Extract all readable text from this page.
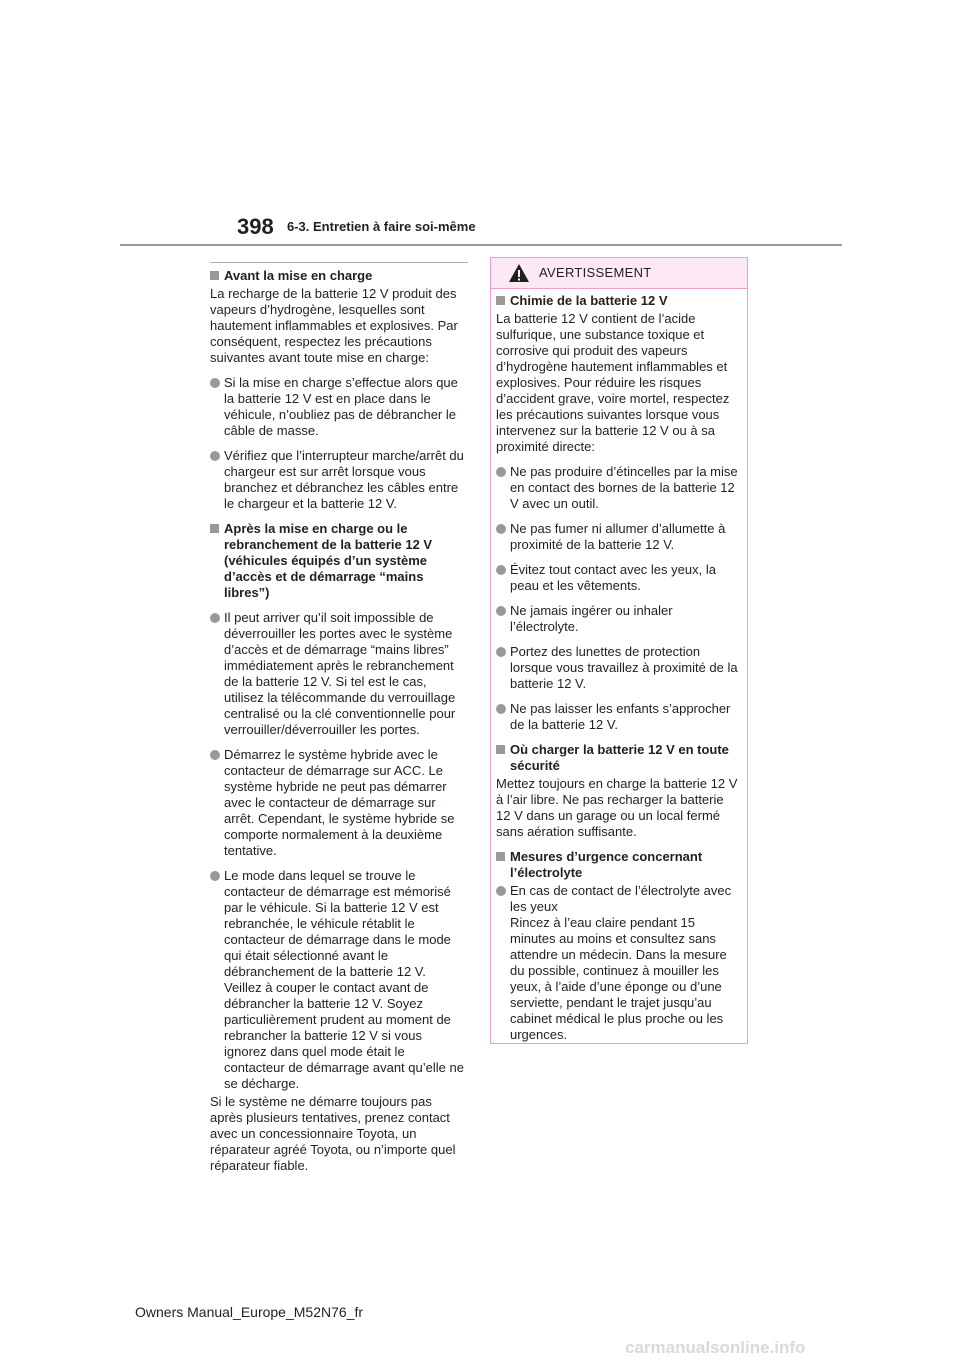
398 6-3. Entretien à faire soi-même
Avant la mise en charge

La recharge de la batterie 12 V produit des vapeurs d’hydrogène, lesquelles sont hautement inflammables et explosives. Par conséquent, respectez les précautions suivantes avant toute mise en charge:

Si la mise en charge s’effectue alors que la batterie 12 V est en place dans le véhicule, n’oubliez pas de débrancher le câble de masse.
Vérifiez que l’interrupteur marche/arrêt du chargeur est sur arrêt lorsque vous branchez et débranchez les câbles entre le chargeur et la batterie 12 V.
Après la mise en charge ou le rebranchement de la batterie 12 V (véhicules équipés d’un système d’accès et de démarrage “mains libres”)
Il peut arriver qu’il soit impossible de déverrouiller les portes avec le système d’accès et de démarrage “mains libres” immédiatement après le rebranchement de la batterie 12 V. Si tel est le cas, utilisez la télécommande du verrouillage centralisé ou la clé conventionnelle pour verrouiller/déverrouiller les portes.
Démarrez le système hybride avec le contacteur de démarrage sur ACC. Le système hybride ne peut pas démarrer avec le contacteur de démarrage sur arrêt. Cependant, le système hybride se comporte normalement à la deuxième tentative.
Le mode dans lequel se trouve le contacteur de démarrage est mémorisé par le véhicule. Si la batterie 12 V est rebranchée, le véhicule rétablit le contacteur de démarrage dans le mode qui était sélectionné avant le débranchement de la batterie 12 V. Veillez à couper le contact avant de débrancher la batterie 12 V. Soyez particulièrement prudent au moment de rebrancher la batterie 12 V si vous ignorez dans quel mode était le contacteur de démarrage avant qu’elle ne se décharge.

Si le système ne démarre toujours pas après plusieurs tentatives, prenez contact avec un concessionnaire Toyota, un réparateur agréé Toyota, ou n’importe quel réparateur fiable.

AVERTISSEMENT
Chimie de la batterie 12 V

La batterie 12 V contient de l’acide sulfurique, une substance toxique et corrosive qui produit des vapeurs d’hydrogène hautement inflammables et explosives. Pour réduire les risques d’accident grave, voire mortel, respectez les précautions suivantes lorsque vous intervenez sur la batterie 12 V ou à sa proximité directe:

Ne pas produire d’étincelles par la mise en contact des bornes de la batterie 12 V avec un outil.
Ne pas fumer ni allumer d’allumette à proximité de la batterie 12 V.
Évitez tout contact avec les yeux, la peau et les vêtements.
Ne jamais ingérer ou inhaler l’électrolyte.
Portez des lunettes de protection lorsque vous travaillez à proximité de la batterie 12 V.
Ne pas laisser les enfants s’approcher de la batterie 12 V.
Où charger la batterie 12 V en toute sécurité

Mettez toujours en charge la batterie 12 V à l’air libre. Ne pas recharger la batterie 12 V dans un garage ou un local fermé sans aération suffisante.

Mesures d’urgence concernant l’électrolyte
En cas de contact de l’électrolyte avec les yeux
Rincez à l’eau claire pendant 15 minutes au moins et consultez sans attendre un médecin. Dans la mesure du possible, continuez à mouiller les yeux, à l’aide d’une éponge ou d’une serviette, pendant le trajet jusqu’au cabinet médical le plus proche ou les urgences.
Owners Manual_Europe_M52N76_fr
carmanualsonline.info
